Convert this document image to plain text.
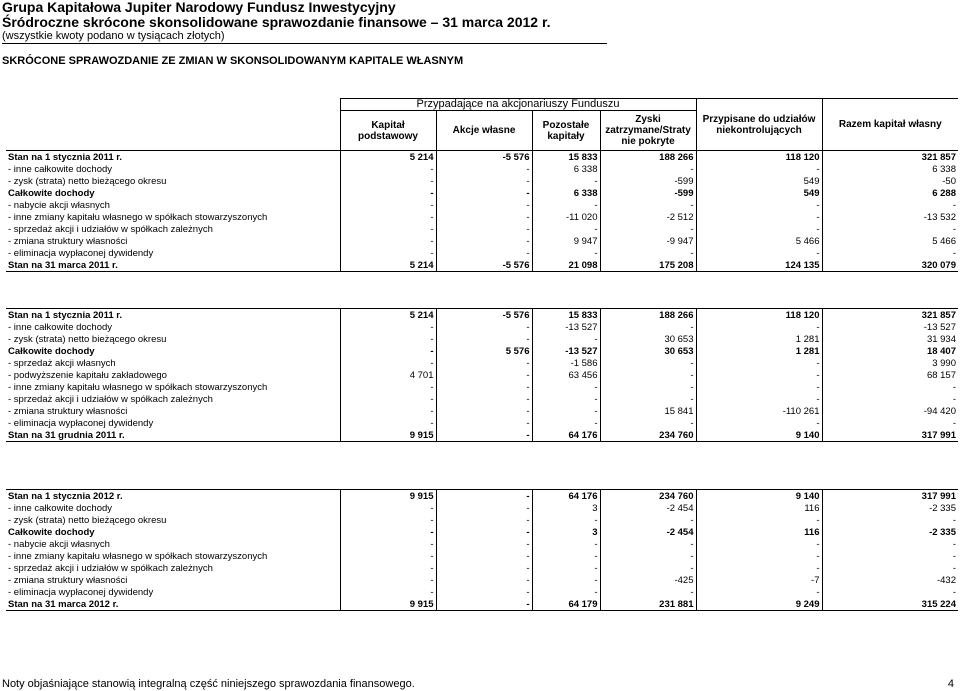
Grupa Kapitałowa Jupiter Narodowy Fundusz Inwestycyjny
Śródroczne skrócone skonsolidowane sprawozdanie finansowe – 31 marca 2012 r.
(wszystkie kwoty podano w tysiącach złotych)
SKRÓCONE SPRAWOZDANIE ZE ZMIAN W SKONSOLIDOWANYM KAPITALE WŁASNYM
	Przypadające na akcjonariuszy Funduszu				Przypisane do udziałów niekontrolujących	Razem kapitał własny
	Kapitał podstawowy	Akcje własne	Pozostałe kapitały	Zyski zatrzymane/Straty nie pokryte		
Stan na 1 stycznia 2011 r.	5 214	-5 576	15 833	188 266	118 120	321 857
- inne całkowite dochody	-	-	6 338	-	-	6 338
- zysk (strata) netto bieżącego okresu	-	-	-	-599	549	-50
Całkowite dochody	-	-	6 338	-599	549	6 288
- nabycie akcji własnych	-	-	-	-	-	-
- inne zmiany kapitału własnego w spółkach stowarzyszonych	-	-	-11 020	-2 512	-	-13 532
- sprzedaż akcji i udziałów w spółkach zależnych	-	-	-	-	-	-
- zmiana struktury własności	-	-	9 947	-9 947	5 466	5 466
- eliminacja wypłaconej dywidendy	-	-	-	-	-	-
Stan na 31 marca 2011 r.	5 214	-5 576	21 098	175 208	124 135	320 079
Stan na 1 stycznia 2011 r.	5 214	-5 576	15 833	188 266	118 120	321 857
- inne całkowite dochody	-	-	-13 527	-	-	-13 527
- zysk (strata) netto bieżącego okresu	-	-	-	30 653	1 281	31 934
Całkowite dochody	-	5 576	-13 527	30 653	1 281	18 407
- sprzedaż akcji własnych	-	-	-1 586	-	-	3 990
- podwyższenie kapitału zakładowego	4 701	-	63 456	-	-	68 157
- inne zmiany kapitału własnego w spółkach stowarzyszonych	-	-	-	-	-	-
- sprzedaż akcji i udziałów w spółkach zależnych	-	-	-	-	-	-
- zmiana struktury własności	-	-	-	15 841	-110 261	-94 420
- eliminacja wypłaconej dywidendy	-	-	-	-	-	-
Stan na 31 grudnia 2011 r.	9 915	-	64 176	234 760	9 140	317 991
Stan na 1 stycznia 2012 r.	9 915	-	64 176	234 760	9 140	317 991
- inne całkowite dochody	-	-	3	-2 454	116	-2 335
- zysk (strata) netto bieżącego okresu	-	-	-	-	-	-
Całkowite dochody	-	-	3	-2 454	116	-2 335
- nabycie akcji własnych	-	-	-	-	-	-
- inne zmiany kapitału własnego w spółkach stowarzyszonych	-	-	-	-	-	-
- sprzedaż akcji i udziałów w spółkach zależnych	-	-	-	-	-	-
- zmiana struktury własności	-	-	-	-425	-7	-432
- eliminacja wypłaconej dywidendy	-	-	-	-	-	-
Stan na 31 marca 2012 r.	9 915	-	64 179	231 881	9 249	315 224
Noty objaśniające stanowią integralną część niniejszego sprawozdania finansowego.	4
